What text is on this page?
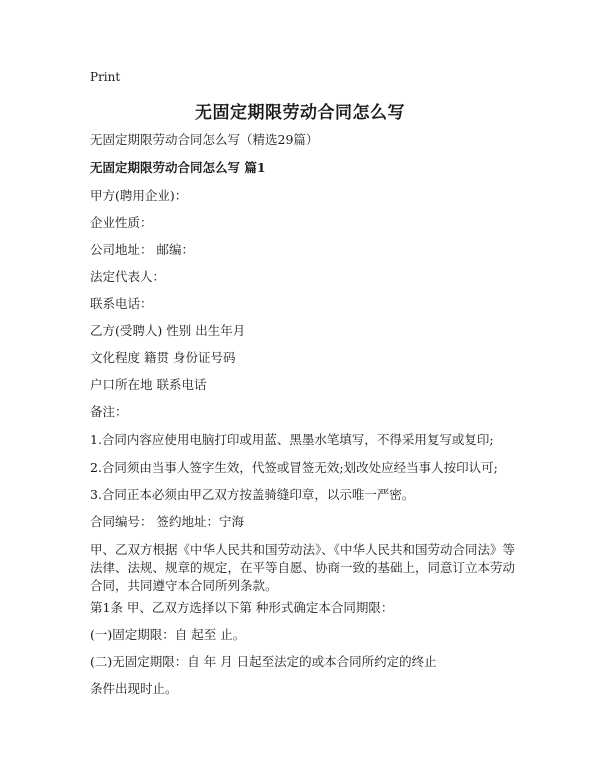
Print
无固定期限劳动合同怎么写

无固定期限劳动合同怎么写（精选29篇）

无固定期限劳动合同怎么写 篇1

甲方(聘用企业)：

企业性质：

公司地址： 邮编：

法定代表人：

联系电话：

乙方(受聘人) 性别 出生年月

文化程度 籍贯 身份证号码

户口所在地 联系电话

备注：

1.合同内容应使用电脑打印或用蓝、黑墨水笔填写，不得采用复写或复印;

2.合同须由当事人签字生效，代签或冒签无效;划改处应经当事人按印认可;

3.合同正本必须由甲乙双方按盖骑缝印章，以示唯一严密。

合同编号： 签约地址：宁海

甲、乙双方根据《中华人民共和国劳动法》、《中华人民共和国劳动合同法》等法律、法规、规章的规定，在平等自愿、协商一致的基础上，同意订立本劳动合同，共同遵守本合同所列条款。

第1条 甲、乙双方选择以下第 种形式确定本合同期限：

(一)固定期限：自 起至 止。

(二)无固定期限：自 年 月 日起至法定的或本合同所约定的终止

条件出现时止。
